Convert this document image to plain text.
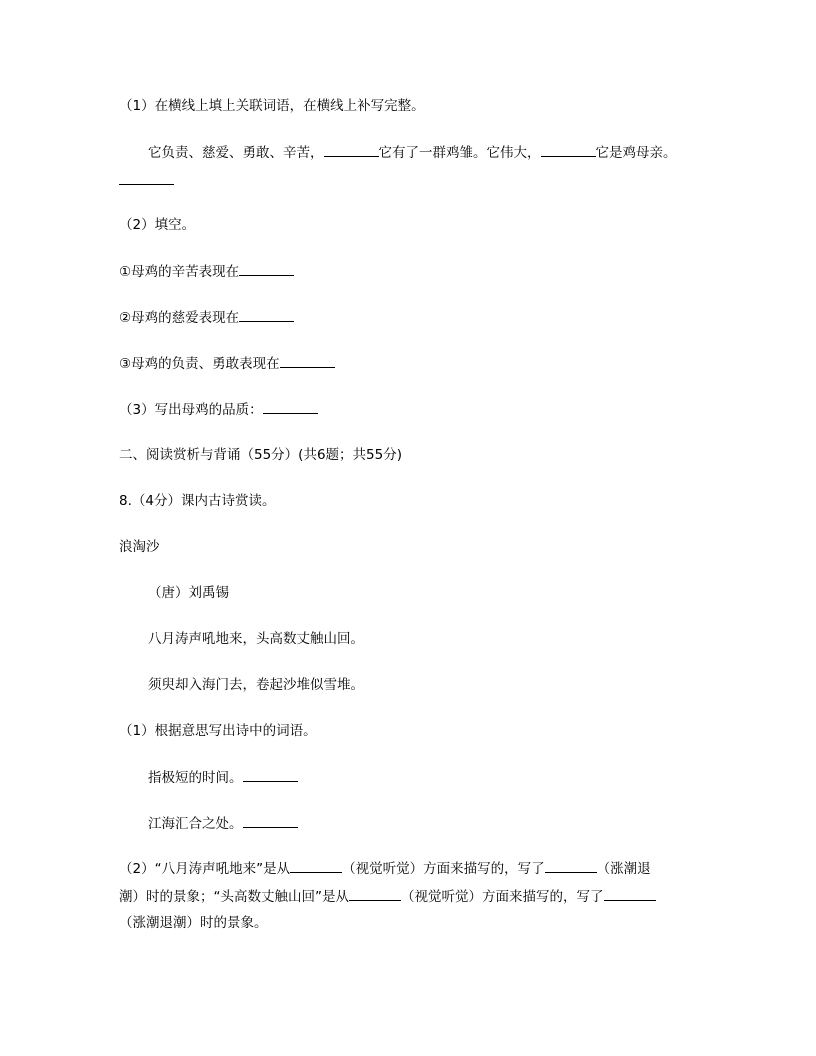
（1）在横线上填上关联词语，在横线上补写完整。
它负责、慈爱、勇敢、辛苦，	它有了一群鸡雏。它伟大，	它是鸡母亲。
（2）填空。
①母鸡的辛苦表现在
②母鸡的慈爱表现在
③母鸡的负责、勇敢表现在
（3）写出母鸡的品质：
二、阅读赏析与背诵（55分）(共6题；共55分)
8.（4分）课内古诗赏读。
浪淘沙
（唐）刘禹锡
八月涛声吼地来，头高数丈触山回。
须臾却入海门去，卷起沙堆似雪堆。
（1）根据意思写出诗中的词语。
指极短的时间。
江海汇合之处。
（2）“八月涛声吼地来”是从	（视觉听觉）方面来描写的，写了	（涨潮退
潮）时的景象；“头高数丈触山回”是从	（视觉听觉）方面来描写的，写了
（涨潮退潮）时的景象。
